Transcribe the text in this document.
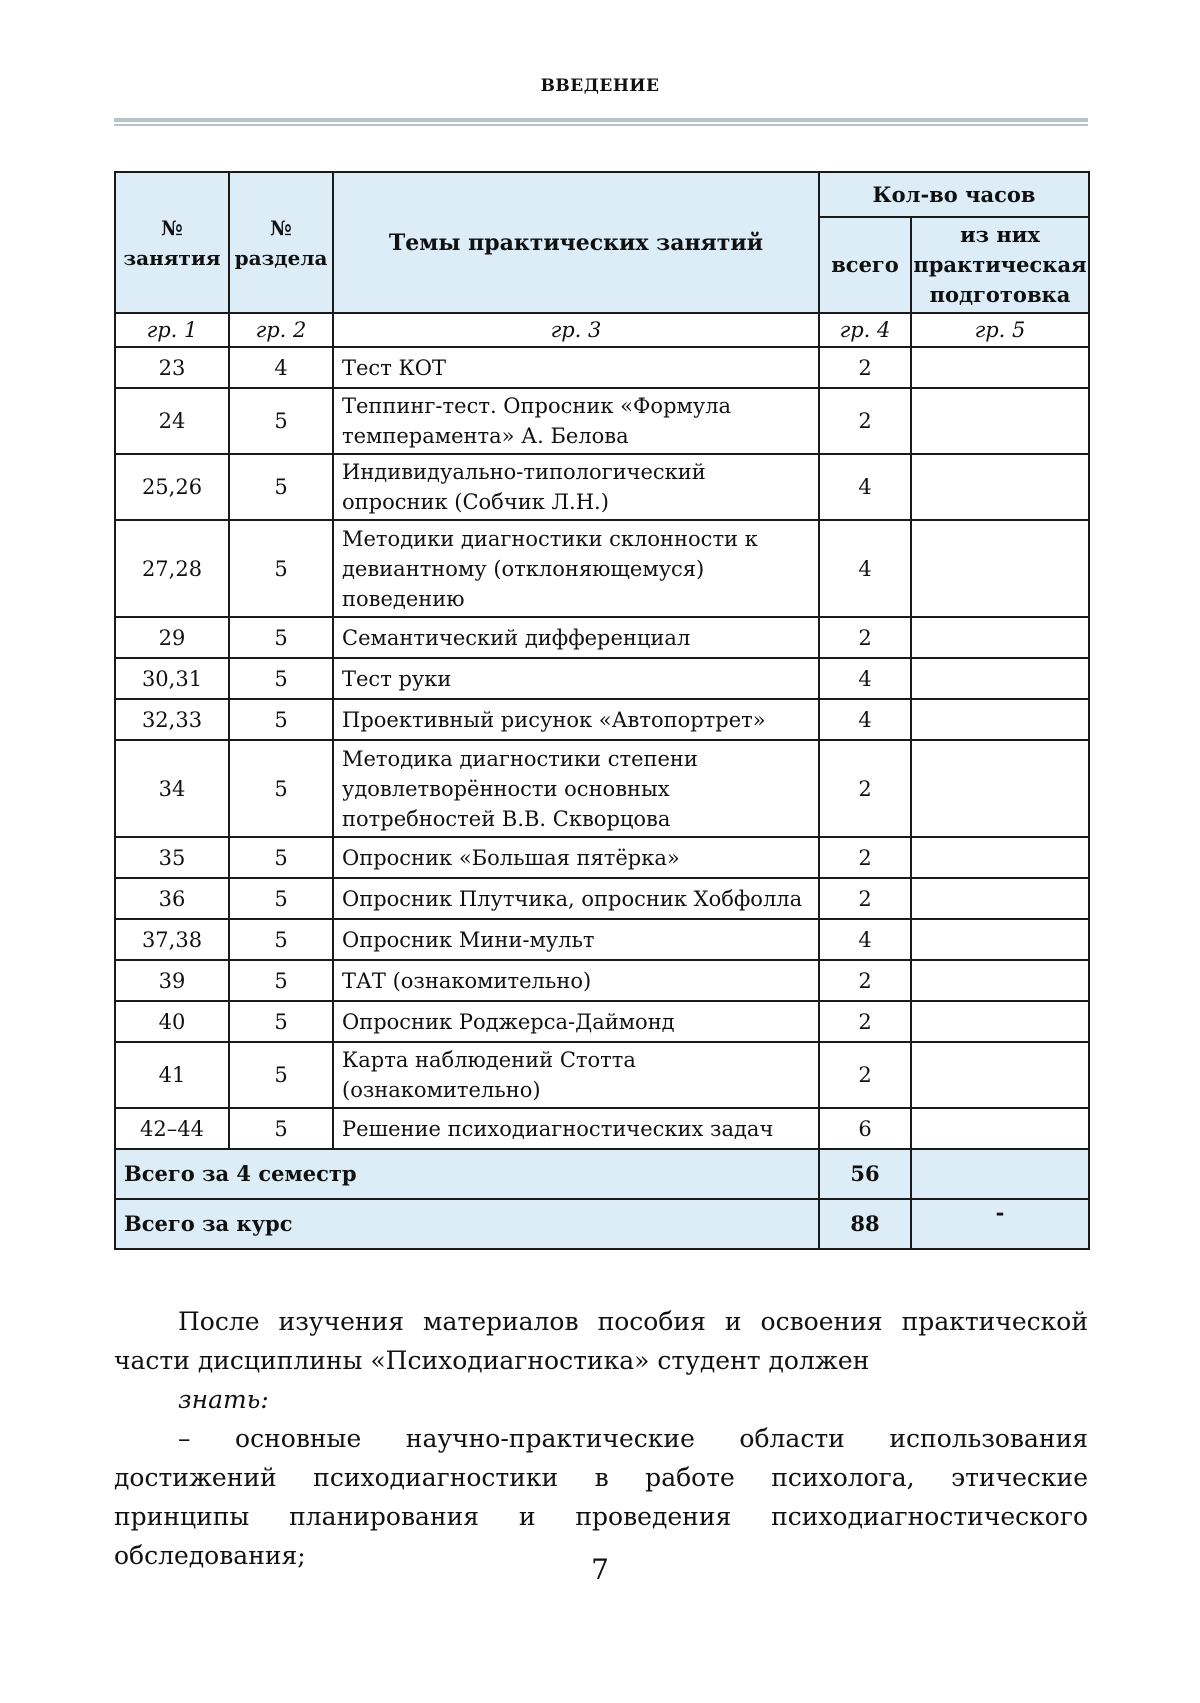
ВВЕДЕНИЕ
№ занятия	№ раздела	Темы практических занятий	Кол-во часов	
			всего	из них практическая подготовка
гр. 1	гр. 2	гр. 3	гр. 4	гр. 5
23	4	Тест КОТ	2	
24	5	Теппинг-тест. Опросник «Формула темперамента» А. Белова	2	
25,26	5	Индивидуально-типологический опросник (Собчик Л.Н.)	4	
27,28	5	Методики диагностики склонности к девиантному (отклоняющемуся) поведению	4	
29	5	Семантический дифференциал	2	
30,31	5	Тест руки	4	
32,33	5	Проективный рисунок «Автопортрет»	4	
34	5	Методика диагностики степени удовлетворённости основных потребностей В.В. Скворцова	2	
35	5	Опросник «Большая пятёрка»	2	
36	5	Опросник Плутчика, опросник Хобфолла	2	
37,38	5	Опросник Мини-мульт	4	
39	5	ТАТ (ознакомительно)	2	
40	5	Опросник Роджерса-Даймонд	2	
41	5	Карта наблюдений Стотта (ознакомительно)	2	
42–44	5	Решение психодиагностических задач	6	
Всего за 4 семестр			56	
Всего за курс			88	-

После изучения материалов пособия и освоения практической части дисциплины «Психодиагностика» студент должен

знать:

– основные научно-практические области использования достижений психодиагностики в работе психолога, этические принципы планирования и проведения психодиагностического обследования;	7
